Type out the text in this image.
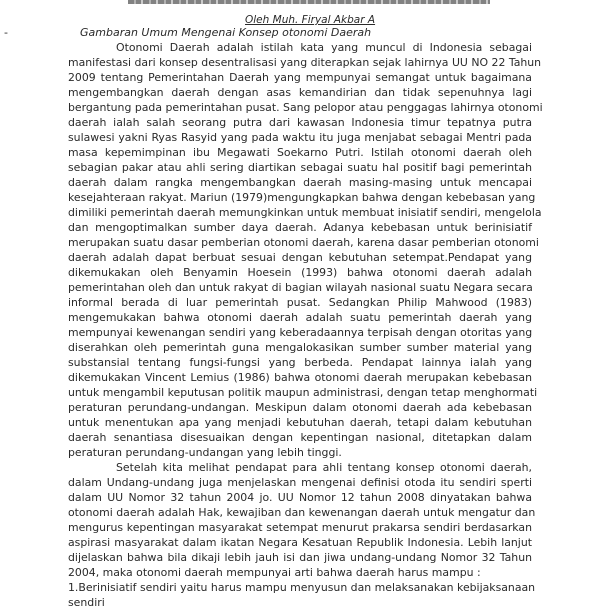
Oleh Muh. Firyal Akbar A
-	Gambaran Umum Mengenai Konsep otonomi Daerah
Otonomi Daerah adalah istilah kata yang muncul di Indonesia sebagai
manifestasi dari konsep desentralisasi yang diterapkan sejak lahirnya UU NO 22 Tahun
2009 tentang Pemerintahan Daerah yang mempunyai semangat untuk bagaimana
mengembangkan daerah dengan asas kemandirian dan tidak sepenuhnya lagi
bergantung pada pemerintahan pusat. Sang pelopor atau penggagas lahirnya otonomi
daerah ialah salah seorang putra dari kawasan Indonesia timur tepatnya putra
sulawesi yakni Ryas Rasyid yang pada waktu itu juga menjabat sebagai Mentri pada
masa kepemimpinan ibu Megawati Soekarno Putri. Istilah otonomi daerah oleh
sebagian pakar atau ahli sering diartikan sebagai suatu hal positif bagi pemerintah
daerah dalam rangka mengembangkan daerah masing-masing untuk mencapai
kesejahteraan rakyat. Mariun (1979)mengungkapkan bahwa dengan kebebasan yang
dimiliki pemerintah daerah memungkinkan untuk membuat inisiatif sendiri, mengelola
dan mengoptimalkan sumber daya daerah. Adanya kebebasan untuk berinisiatif
merupakan suatu dasar pemberian otonomi daerah, karena dasar pemberian otonomi
daerah adalah dapat berbuat sesuai dengan kebutuhan setempat.Pendapat yang
dikemukakan oleh Benyamin Hoesein (1993) bahwa otonomi daerah adalah
pemerintahan oleh dan untuk rakyat di bagian wilayah nasional suatu Negara secara
informal berada di luar pemerintah pusat. Sedangkan Philip Mahwood (1983)
mengemukakan bahwa otonomi daerah adalah suatu pemerintah daerah yang
mempunyai kewenangan sendiri yang keberadaannya terpisah dengan otoritas yang
diserahkan oleh pemerintah guna mengalokasikan sumber sumber material yang
substansial tentang fungsi-fungsi yang berbeda. Pendapat lainnya ialah yang
dikemukakan Vincent Lemius (1986) bahwa otonomi daerah merupakan kebebasan
untuk mengambil keputusan politik maupun administrasi, dengan tetap menghormati
peraturan perundang-undangan. Meskipun dalam otonomi daerah ada kebebasan
untuk menentukan apa yang menjadi kebutuhan daerah, tetapi dalam kebutuhan
daerah senantiasa disesuaikan dengan kepentingan nasional, ditetapkan dalam
peraturan perundang-undangan yang lebih tinggi.
Setelah kita melihat pendapat para ahli tentang konsep otonomi daerah,
dalam Undang-undang juga menjelaskan mengenai definisi otoda itu sendiri sperti
dalam UU Nomor 32 tahun 2004 jo. UU Nomor 12 tahun 2008 dinyatakan bahwa
otonomi daerah adalah Hak, kewajiban dan kewenangan daerah untuk mengatur dan
mengurus kepentingan masyarakat setempat menurut prakarsa sendiri berdasarkan
aspirasi masyarakat dalam ikatan Negara Kesatuan Republik Indonesia. Lebih lanjut
dijelaskan bahwa bila dikaji lebih jauh isi dan jiwa undang-undang Nomor 32 Tahun
2004, maka otonomi daerah mempunyai arti bahwa daerah harus mampu :
1.Berinisiatif sendiri yaitu harus mampu menyusun dan melaksanakan kebijaksanaan
sendiri
